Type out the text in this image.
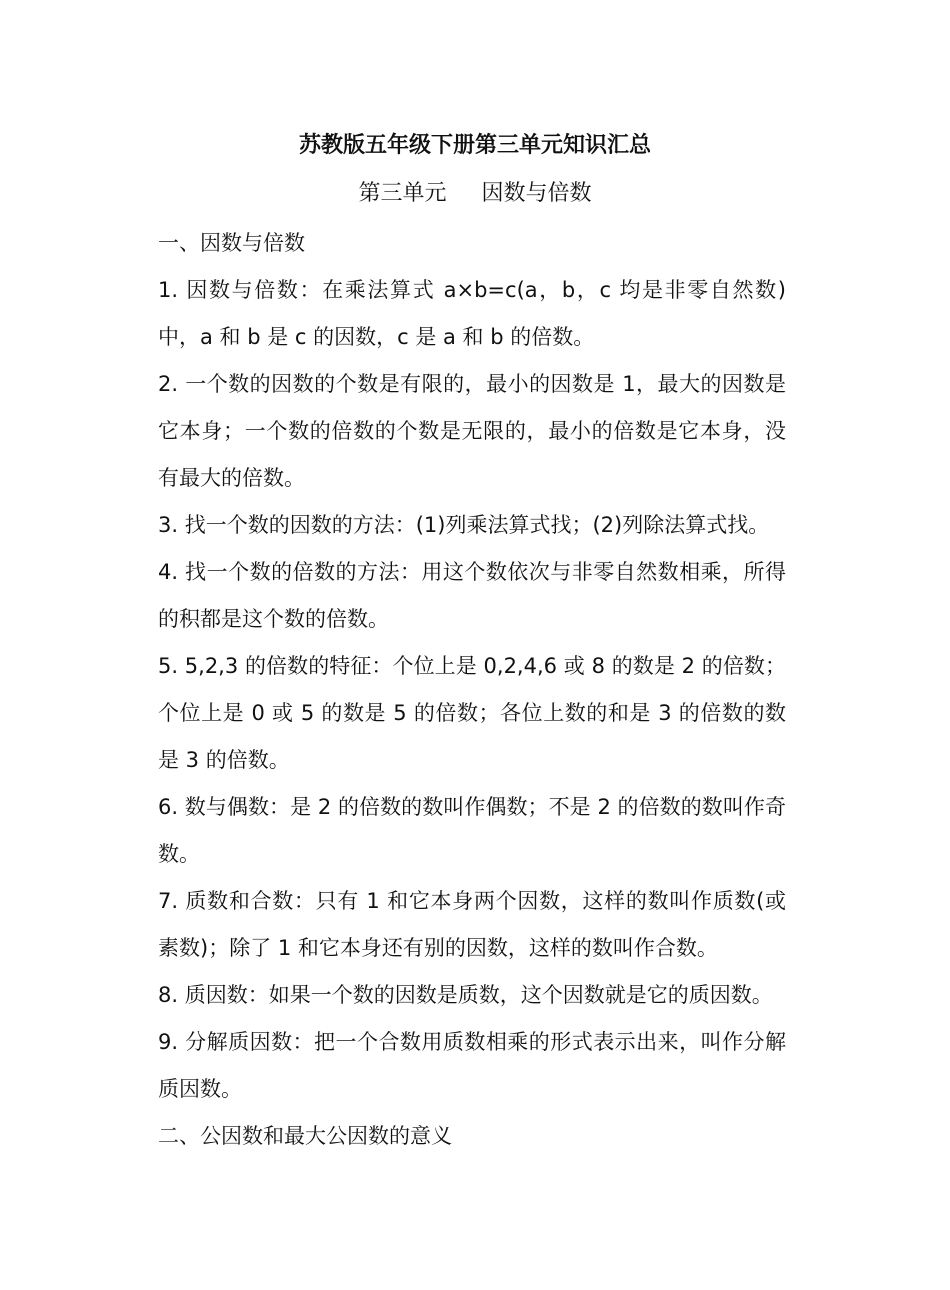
苏教版五年级下册第三单元知识汇总
第三单元     因数与倍数

一、因数与倍数

1. 因数与倍数：在乘法算式 a×b=c(a，b，c 均是非零自然数)中，a 和 b 是 c 的因数，c 是 a 和 b 的倍数。

2. 一个数的因数的个数是有限的，最小的因数是 1，最大的因数是它本身；一个数的倍数的个数是无限的，最小的倍数是它本身，没有最大的倍数。

3. 找一个数的因数的方法：(1)列乘法算式找；(2)列除法算式找。

4. 找一个数的倍数的方法：用这个数依次与非零自然数相乘，所得的积都是这个数的倍数。

5. 5,2,3 的倍数的特征：个位上是 0,2,4,6 或 8 的数是 2 的倍数；个位上是 0 或 5 的数是 5 的倍数；各位上数的和是 3 的倍数的数是 3 的倍数。

6. 数与偶数：是 2 的倍数的数叫作偶数；不是 2 的倍数的数叫作奇数。

7. 质数和合数：只有 1 和它本身两个因数，这样的数叫作质数(或素数)；除了 1 和它本身还有别的因数，这样的数叫作合数。

8. 质因数：如果一个数的因数是质数，这个因数就是它的质因数。

9. 分解质因数：把一个合数用质数相乘的形式表示出来，叫作分解质因数。

二、公因数和最大公因数的意义
